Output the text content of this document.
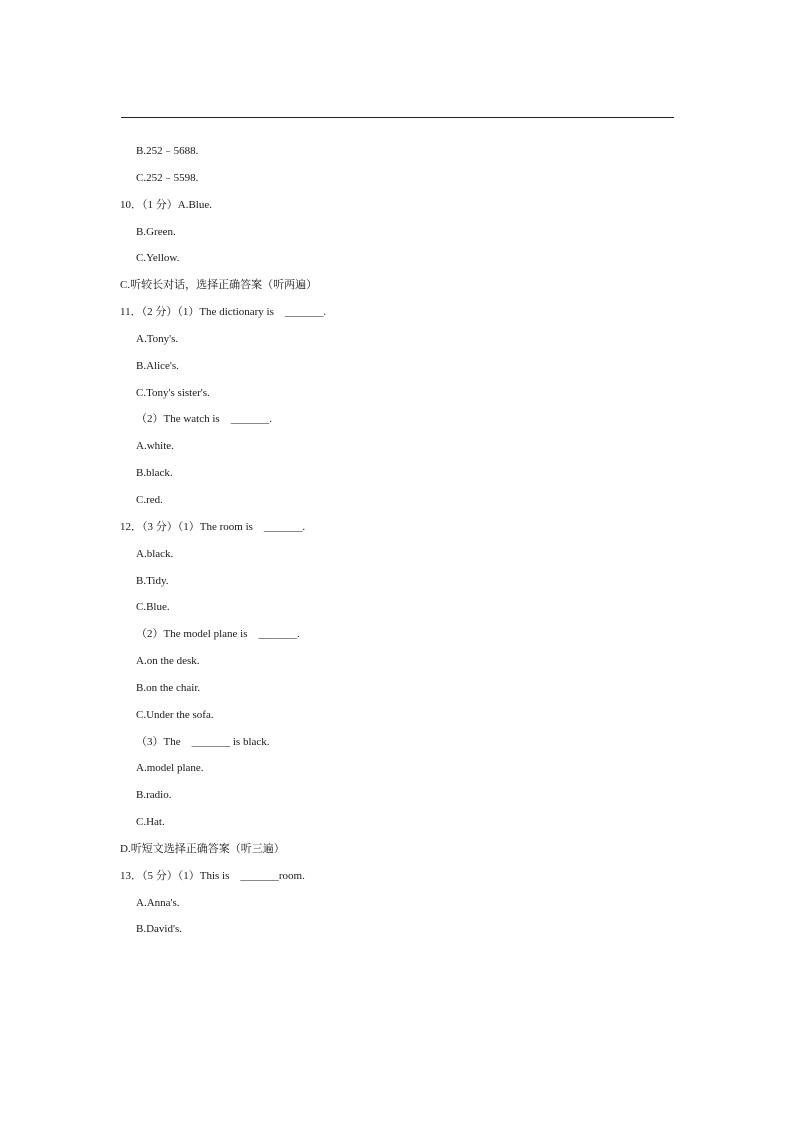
B.252﹣5688.
C.252﹣5598.
10．（1 分）A.Blue.
B.Green.
C.Yellow.
C.听较长对话，选择正确答案（听两遍）
11．（2 分）（1）The dictionary is　_______.
A.Tony's.
B.Alice's.
C.Tony's sister's.
（2）The watch is　_______.
A.white.
B.black.
C.red.
12．（3 分）（1）The room is　_______.
A.black.
B.Tidy.
C.Blue.
（2）The model plane is　_______.
A.on the desk.
B.on the chair.
C.Under the sofa.
（3）The　_______ is black.
A.model plane.
B.radio.
C.Hat.
D.听短文选择正确答案（听三遍）
13．（5 分）（1）This is　_______room.
A.Anna's.
B.David's.
